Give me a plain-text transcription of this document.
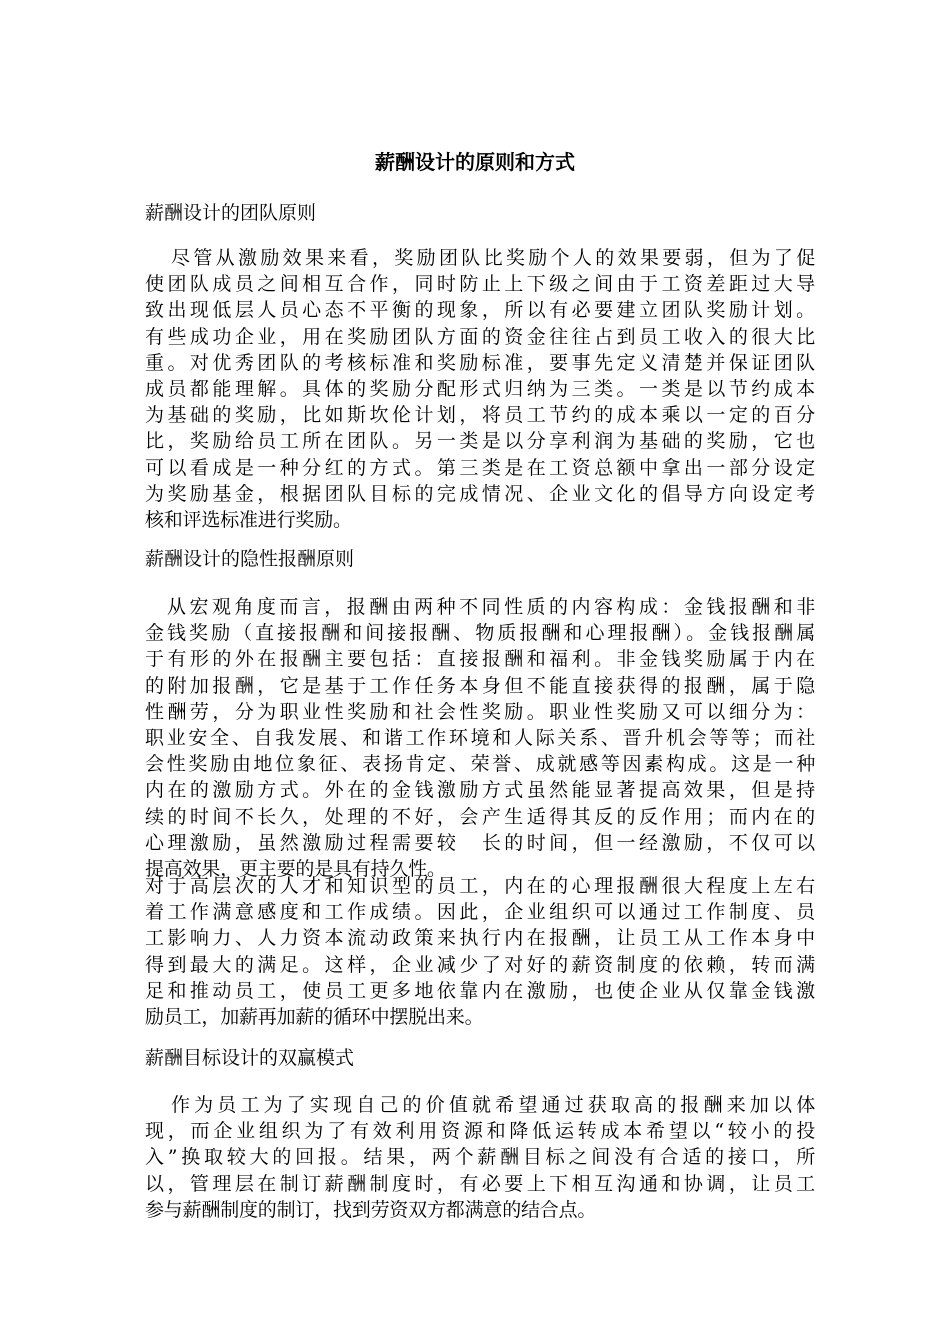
薪酬设计的原则和方式
薪酬设计的团队原则
尽管从激励效果来看，奖励团队比奖励个人的效果要弱，但为了促
使团队成员之间相互合作，同时防止上下级之间由于工资差距过大导
致出现低层人员心态不平衡的现象，所以有必要建立团队奖励计划。
有些成功企业，用在奖励团队方面的资金往往占到员工收入的很大比
重。对优秀团队的考核标准和奖励标准，要事先定义清楚并保证团队
成员都能理解。具体的奖励分配形式归纳为三类。一类是以节约成本
为基础的奖励，比如斯坎伦计划，将员工节约的成本乘以一定的百分
比，奖励给员工所在团队。另一类是以分享利润为基础的奖励，它也
可以看成是一种分红的方式。第三类是在工资总额中拿出一部分设定
为奖励基金，根据团队目标的完成情况、企业文化的倡导方向设定考
核和评选标准进行奖励。
薪酬设计的隐性报酬原则
从宏观角度而言，报酬由两种不同性质的内容构成：金钱报酬和非
金钱奖励（直接报酬和间接报酬、物质报酬和心理报酬）。金钱报酬属
于有形的外在报酬主要包括：直接报酬和福利。非金钱奖励属于内在
的附加报酬，它是基于工作任务本身但不能直接获得的报酬，属于隐
性酬劳，分为职业性奖励和社会性奖励。职业性奖励又可以细分为：
职业安全、自我发展、和谐工作环境和人际关系、晋升机会等等；而社
会性奖励由地位象征、表扬肯定、荣誉、成就感等因素构成。这是一种
内在的激励方式。外在的金钱激励方式虽然能显著提高效果，但是持
续的时间不长久，处理的不好，会产生适得其反的反作用；而内在的
心理激励，虽然激励过程需要较　长的时间，但一经激励，不仅可以
提高效果，更主要的是具有持久性。
对于高层次的人才和知识型的员工，内在的心理报酬很大程度上左右
着工作满意感度和工作成绩。因此，企业组织可以通过工作制度、员
工影响力、人力资本流动政策来执行内在报酬，让员工从工作本身中
得到最大的满足。这样，企业减少了对好的薪资制度的依赖，转而满
足和推动员工，使员工更多地依靠内在激励，也使企业从仅靠金钱激
励员工，加薪再加薪的循环中摆脱出来。
薪酬目标设计的双赢模式
作为员工为了实现自己的价值就希望通过获取高的报酬来加以体
现，而企业组织为了有效利用资源和降低运转成本希望以“较小的投
入”换取较大的回报。结果，两个薪酬目标之间没有合适的接口，所
以，管理层在制订薪酬制度时，有必要上下相互沟通和协调，让员工
参与薪酬制度的制订，找到劳资双方都满意的结合点。
